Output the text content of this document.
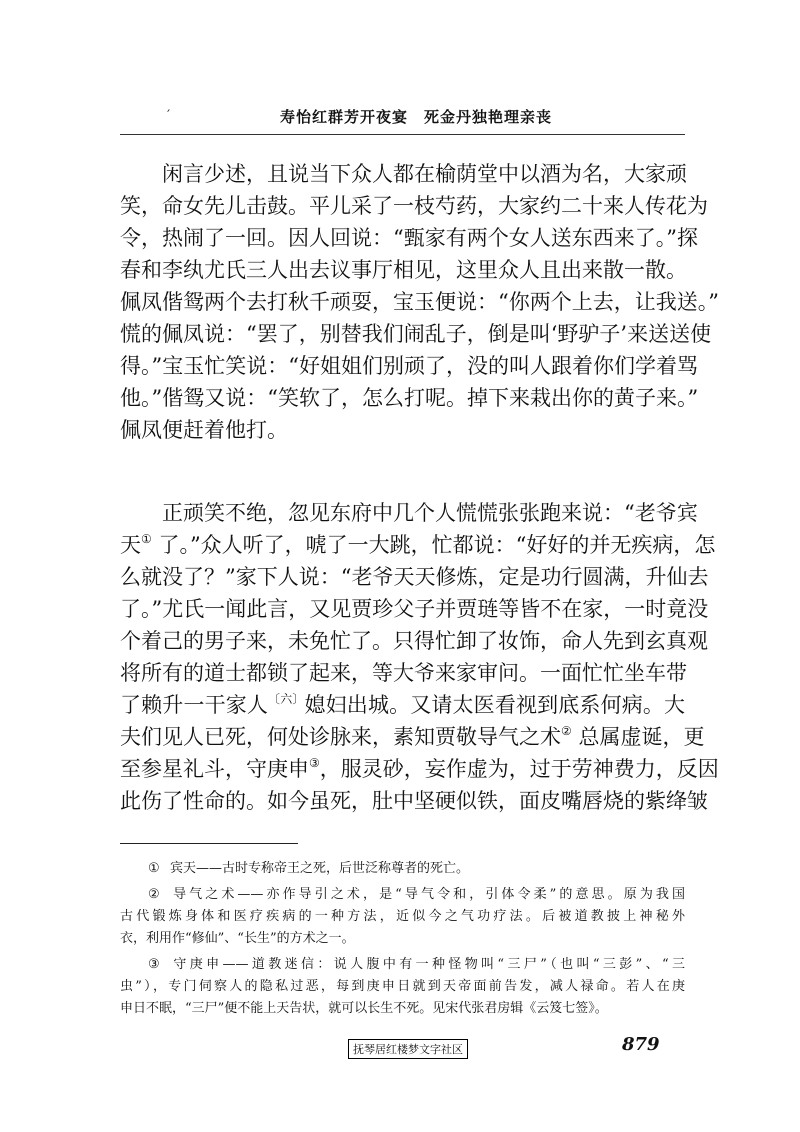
′	寿怡红群芳开夜宴 死金丹独艳理亲丧
闲言少述，且说当下众人都在榆荫堂中以酒为名，大家顽
笑，命女先儿击鼓。平儿采了一枝芍药，大家约二十来人传花为
令，热闹了一回。因人回说：“甄家有两个女人送东西来了。”探
春和李纨尤氏三人出去议事厅相见，这里众人且出来散一散。
佩凤偕鸳两个去打秋千顽耍，宝玉便说：“你两个上去，让我送。”
慌的佩凤说：“罢了，别替我们闹乱子，倒是叫‘野驴子’来送送使
得。”宝玉忙笑说：“好姐姐们别顽了，没的叫人跟着你们学着骂
他。”偕鸳又说：“笑软了，怎么打呢。掉下来栽出你的黄子来。”
佩凤便赶着他打。
正顽笑不绝，忽见东府中几个人慌慌张张跑来说：“老爷宾
天① 了。”众人听了，唬了一大跳，忙都说：“好好的并无疾病，怎
么就没了？”家下人说：“老爷天天修炼，定是功行圆满，升仙去
了。”尤氏一闻此言，又见贾珍父子并贾琏等皆不在家，一时竟没
个着己的男子来，未免忙了。只得忙卸了妆饰，命人先到玄真观
将所有的道士都锁了起来，等大爷来家审问。一面忙忙坐车带
了赖升一干家人$^{〔六〕}$媳妇出城。又请太医看视到底系何病。大
夫们见人已死，何处诊脉来，素知贾敬导气之术② 总属虚诞，更
至参星礼斗，守庚申③，服灵砂，妄作虚为，过于劳神费力，反因
此伤了性命的。如今虽死，肚中坚硬似铁，面皮嘴唇烧的紫绛皱
① 宾天——古时专称帝王之死，后世泛称尊者的死亡。
② 导气之术——亦作导引之术，是“导气令和，引体令柔”的意思。原为我国
古代锻炼身体和医疗疾病的一种方法，近似今之气功疗法。后被道教披上神秘外
衣，利用作“修仙”、“长生”的方术之一。
③ 守庚申——道教迷信：说人腹中有一种怪物叫“三尸”（也叫“三彭”、“三
虫”），专门伺察人的隐私过恶，每到庚申日就到天帝面前告发，减人禄命。若人在庚
申日不眠，“三尸”便不能上天告状，就可以长生不死。见宋代张君房辑《云笈七签》。
抚琴居红楼梦文字社区	879
